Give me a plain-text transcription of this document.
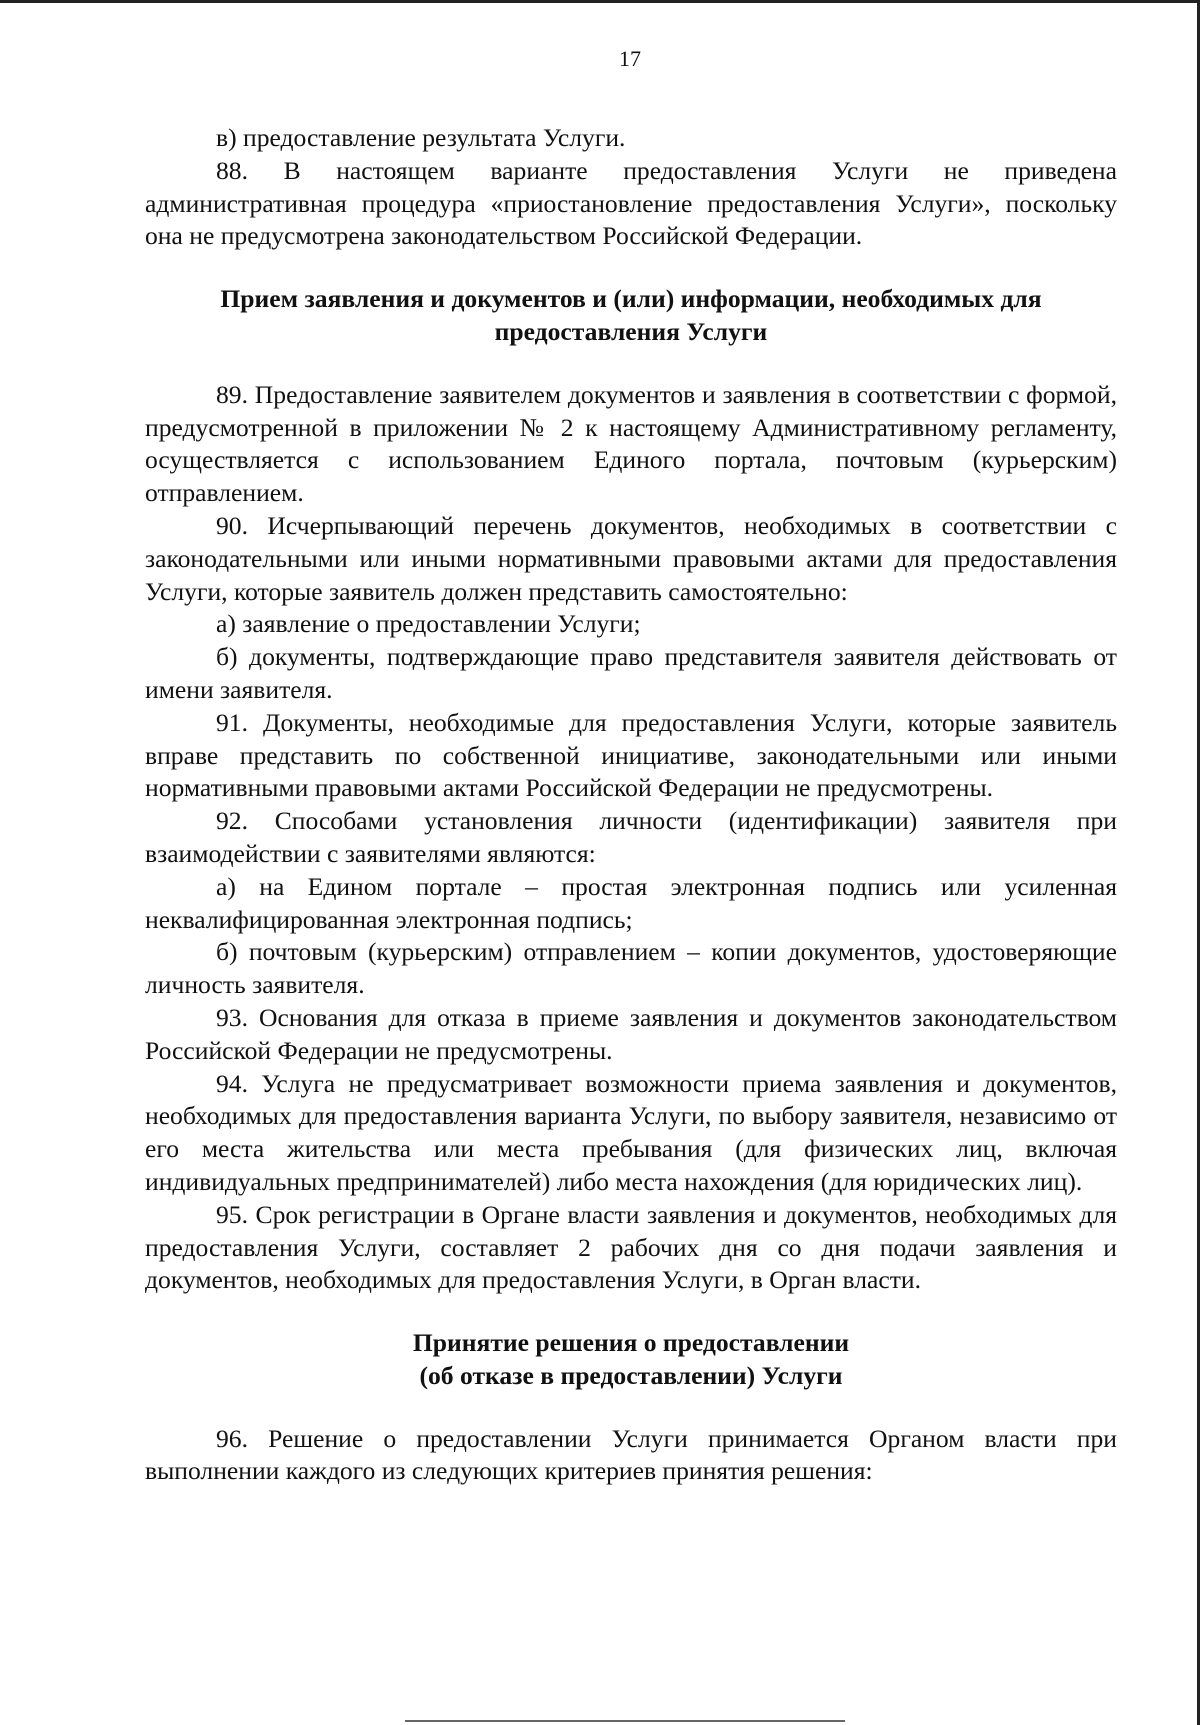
17

в) предоставление результата Услуги.

88. В настоящем варианте предоставления Услуги не приведена административная процедура «приостановление предоставления Услуги», поскольку она не предусмотрена законодательством Российской Федерации.

Прием заявления и документов и (или) информации, необходимых для предоставления Услуги

89. Предоставление заявителем документов и заявления в соответствии с формой, предусмотренной в приложении № 2 к настоящему Административному регламенту, осуществляется с использованием Единого портала, почтовым (курьерским) отправлением.

90. Исчерпывающий перечень документов, необходимых в соответствии с законодательными или иными нормативными правовыми актами для предоставления Услуги, которые заявитель должен представить самостоятельно:

а) заявление о предоставлении Услуги;

б) документы, подтверждающие право представителя заявителя действовать от имени заявителя.

91. Документы, необходимые для предоставления Услуги, которые заявитель вправе представить по собственной инициативе, законодательными или иными нормативными правовыми актами Российской Федерации не предусмотрены.

92. Способами установления личности (идентификации) заявителя при взаимодействии с заявителями являются:

а) на Едином портале – простая электронная подпись или усиленная неквалифицированная электронная подпись;

б) почтовым (курьерским) отправлением – копии документов, удостоверяющие личность заявителя.

93. Основания для отказа в приеме заявления и документов законодательством Российской Федерации не предусмотрены.

94. Услуга не предусматривает возможности приема заявления и документов, необходимых для предоставления варианта Услуги, по выбору заявителя, независимо от его места жительства или места пребывания (для физических лиц, включая индивидуальных предпринимателей) либо места нахождения (для юридических лиц).

95. Срок регистрации в Органе власти заявления и документов, необходимых для предоставления Услуги, составляет 2 рабочих дня со дня подачи заявления и документов, необходимых для предоставления Услуги, в Орган власти.

Принятие решения о предоставлении
(об отказе в предоставлении) Услуги

96. Решение о предоставлении Услуги принимается Органом власти при выполнении каждого из следующих критериев принятия решения:
